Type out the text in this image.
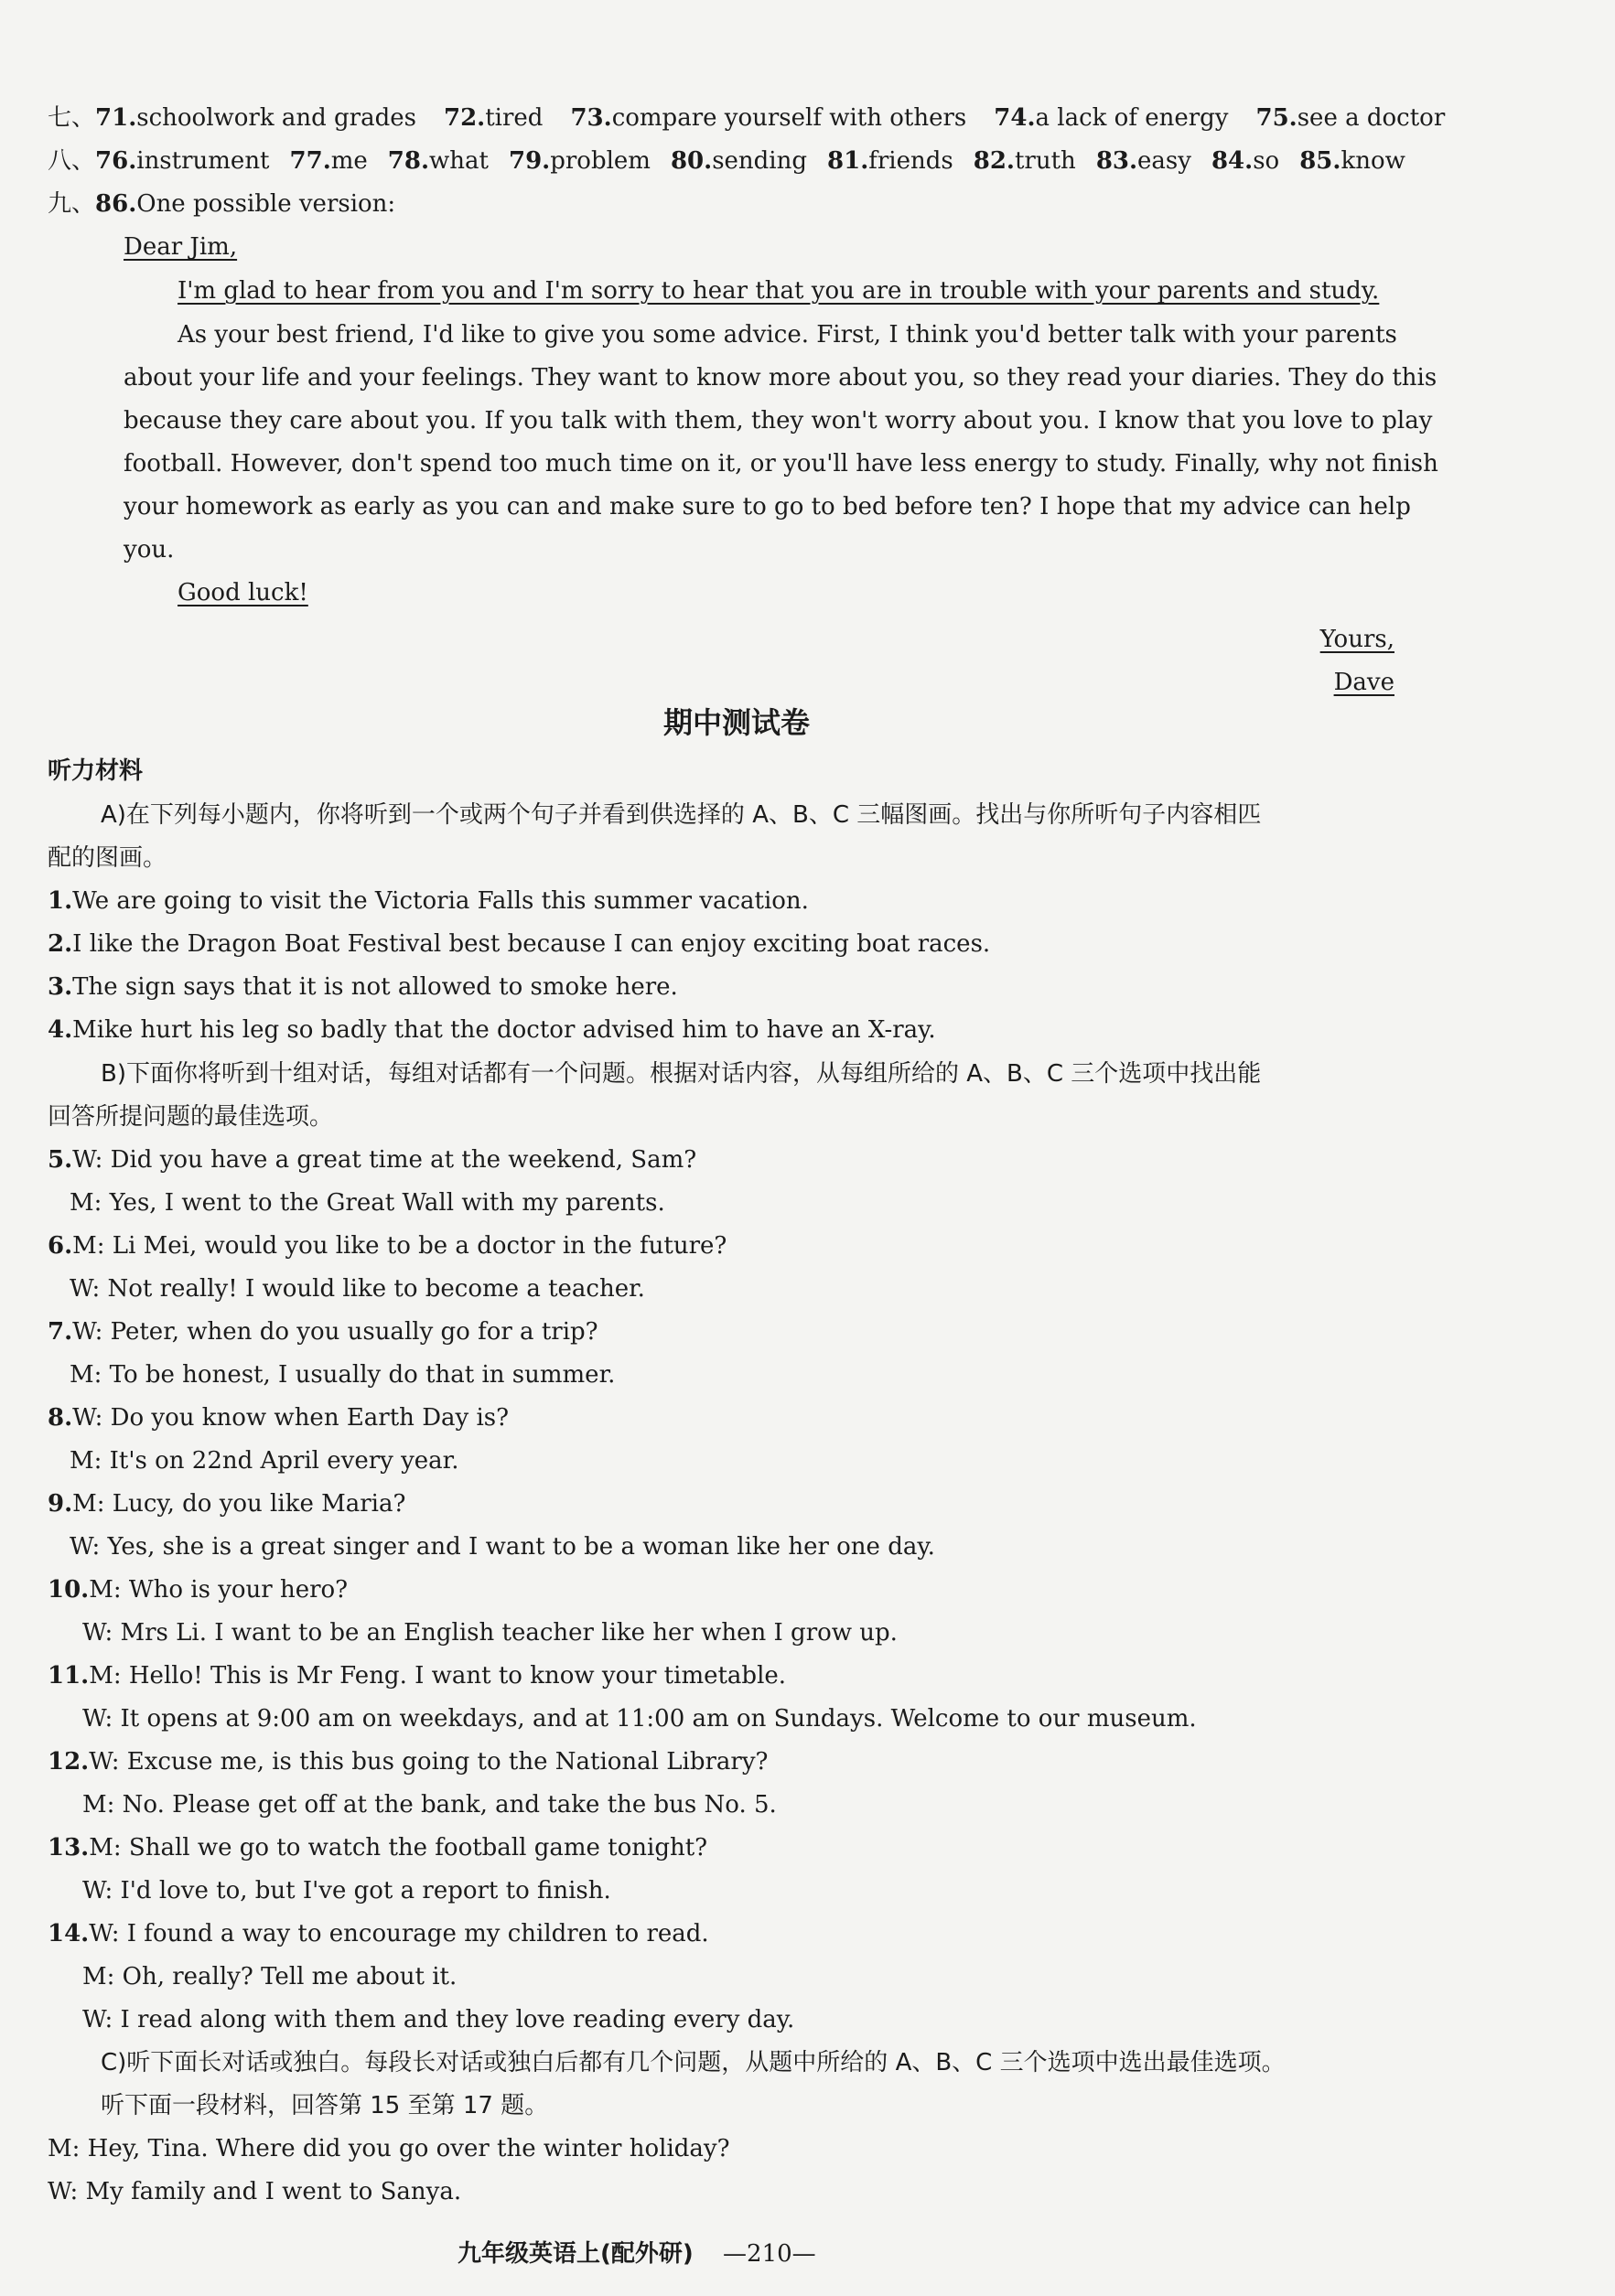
七、71.schoolwork and grades 72.tired 73.compare yourself with others 74.a lack of energy 75.see a doctor
八、76.instrument 77.me 78.what 79.problem 80.sending 81.friends 82.truth 83.easy 84.so 85.know
九、86.One possible version:
Dear Jim,
I'm glad to hear from you and I'm sorry to hear that you are in trouble with your parents and study.
As your best friend, I'd like to give you some advice. First, I think you'd better talk with your parents
about your life and your feelings. They want to know more about you, so they read your diaries. They do this
because they care about you. If you talk with them, they won't worry about you. I know that you love to play
football. However, don't spend too much time on it, or you'll have less energy to study. Finally, why not finish
your homework as early as you can and make sure to go to bed before ten? I hope that my advice can help
you.
Good luck!
Yours,
Dave
期中测试卷
听力材料
A)在下列每小题内，你将听到一个或两个句子并看到供选择的 A、B、C 三幅图画。找出与你所听句子内容相匹
配的图画。
1.We are going to visit the Victoria Falls this summer vacation.
2.I like the Dragon Boat Festival best because I can enjoy exciting boat races.
3.The sign says that it is not allowed to smoke here.
4.Mike hurt his leg so badly that the doctor advised him to have an X-ray.
B)下面你将听到十组对话，每组对话都有一个问题。根据对话内容，从每组所给的 A、B、C 三个选项中找出能
回答所提问题的最佳选项。
5.W: Did you have a great time at the weekend, Sam?
M: Yes, I went to the Great Wall with my parents.
6.M: Li Mei, would you like to be a doctor in the future?
W: Not really! I would like to become a teacher.
7.W: Peter, when do you usually go for a trip?
M: To be honest, I usually do that in summer.
8.W: Do you know when Earth Day is?
M: It's on 22nd April every year.
9.M: Lucy, do you like Maria?
W: Yes, she is a great singer and I want to be a woman like her one day.
10.M: Who is your hero?
W: Mrs Li. I want to be an English teacher like her when I grow up.
11.M: Hello! This is Mr Feng. I want to know your timetable.
W: It opens at 9:00 am on weekdays, and at 11:00 am on Sundays. Welcome to our museum.
12.W: Excuse me, is this bus going to the National Library?
M: No. Please get off at the bank, and take the bus No. 5.
13.M: Shall we go to watch the football game tonight?
W: I'd love to, but I've got a report to finish.
14.W: I found a way to encourage my children to read.
M: Oh, really? Tell me about it.
W: I read along with them and they love reading every day.
C)听下面长对话或独白。每段长对话或独白后都有几个问题，从题中所给的 A、B、C 三个选项中选出最佳选项。
听下面一段材料，回答第 15 至第 17 题。
M: Hey, Tina. Where did you go over the winter holiday?
W: My family and I went to Sanya.
九年级英语上(配外研) —210—
